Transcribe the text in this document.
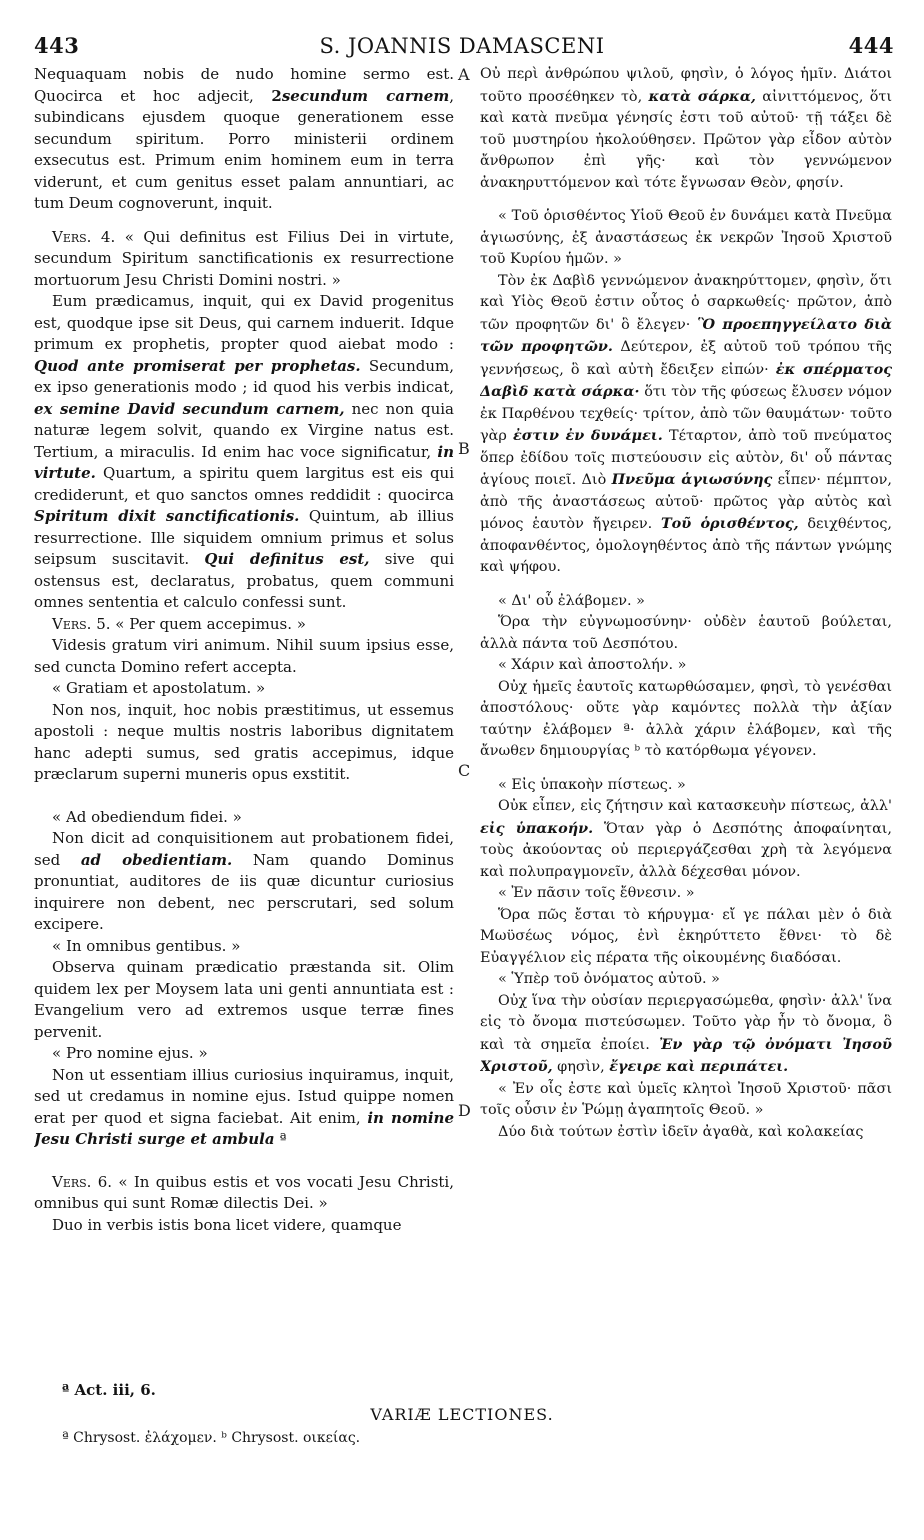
443	S. JOANNIS DAMASCENI	444

Nequaquam nobis de nudo homine sermo est. Quocirca et hoc adjecit, 2secundum carnem, subindicans ejusdem quoque generationem esse secundum spiritum. Porro ministerii ordinem exsecutus est. Primum enim hominem eum in terra viderunt, et cum genitus esset palam annuntiari, ac tum Deum cognoverunt, inquit.

Vers. 4. « Qui definitus est Filius Dei in virtute, secundum Spiritum sanctificationis ex resurrectione mortuorum Jesu Christi Domini nostri. »

Eum prædicamus, inquit, qui ex David progenitus est, quodque ipse sit Deus, qui carnem induerit. Idque primum ex prophetis, propter quod aiebat modo : Quod ante promiserat per prophetas. Secundum, ex ipso generationis modo ; id quod his verbis indicat, ex semine David secundum carnem, nec non quia naturæ legem solvit, quando ex Virgine natus est. Tertium, a miraculis. Id enim hac voce significatur, in virtute. Quartum, a spiritu quem largitus est eis qui crediderunt, et quo sanctos omnes reddidit : quocirca Spiritum dixit sanctificationis. Quintum, ab illius resurrectione. Ille siquidem omnium primus et solus seipsum suscitavit. Qui definitus est, sive qui ostensus est, declaratus, probatus, quem communi omnes sententia et calculo confessi sunt.

Vers. 5. « Per quem accepimus. »

Videsis gratum viri animum. Nihil suum ipsius esse, sed cuncta Domino refert accepta.

« Gratiam et apostolatum. »

Non nos, inquit, hoc nobis præstitimus, ut essemus apostoli : neque multis nostris laboribus dignitatem hanc adepti sumus, sed gratis accepimus, idque præclarum superni muneris opus exstitit.

« Ad obediendum fidei. »

Non dicit ad conquisitionem aut probationem fidei, sed ad obedientiam. Nam quando Dominus pronuntiat, auditores de iis quæ dicuntur curiosius inquirere non debent, nec perscrutari, sed solum excipere.

« In omnibus gentibus. »

Observa quinam prædicatio præstanda sit. Olim quidem lex per Moysem lata uni genti annuntiata est : Evangelium vero ad extremos usque terræ fines pervenit.

« Pro nomine ejus. »

Non ut essentiam illius curiosius inquiramus, inquit, sed ut credamus in nomine ejus. Istud quippe nomen erat per quod et signa faciebat. Ait enim, in nomine Jesu Christi surge et ambula ª

Vers. 6. « In quibus estis et vos vocati Jesu Christi, omnibus qui sunt Romæ dilectis Dei. »

Duo in verbis istis bona licet videre, quamque

Οὐ περὶ ἀνθρώπου ψιλοῦ, φησὶν, ὁ λόγος ἡμῖν. Διάτοι τοῦτο προσέθηκεν τὸ, κατὰ σάρκα, αἰνιττόμενος, ὅτι καὶ κατὰ πνεῦμα γένησίς ἐστι τοῦ αὐτοῦ· τῇ τάξει δὲ τοῦ μυστηρίου ἠκολούθησεν. Πρῶτον γὰρ εἶδον αὐτὸν ἄνθρωπον ἐπὶ γῆς· καὶ τὸν γεννώμενον ἀνακηρυττόμενον καὶ τότε ἔγνωσαν Θεὸν, φησίν.

« Τοῦ ὁρισθέντος Υἱοῦ Θεοῦ ἐν δυνάμει κατὰ Πνεῦμα ἁγιωσύνης, ἐξ ἀναστάσεως ἐκ νεκρῶν Ἰησοῦ Χριστοῦ τοῦ Κυρίου ἡμῶν. »

Τὸν ἐκ Δαβὶδ γεννώμενον ἀνακηρύττομεν, φησὶν, ὅτι καὶ Υἱὸς Θεοῦ ἐστιν οὗτος ὁ σαρκωθείς· πρῶτον, ἀπὸ τῶν προφητῶν δι' ὃ ἔλεγεν· Ὃ προεπηγγείλατο διὰ τῶν προφητῶν. Δεύτερον, ἐξ αὐτοῦ τοῦ τρόπου τῆς γεννήσεως, ὃ καὶ αὐτὴ ἔδειξεν εἰπών· ἐκ σπέρματος Δαβὶδ κατὰ σάρκα· ὅτι τὸν τῆς φύσεως ἔλυσεν νόμον ἐκ Παρθένου τεχθείς· τρίτον, ἀπὸ τῶν θαυμάτων· τοῦτο γὰρ ἐστιν ἐν δυνάμει. Τέταρτον, ἀπὸ τοῦ πνεύματος ὅπερ ἐδίδου τοῖς πιστεύουσιν εἰς αὐτὸν, δι' οὗ πάντας ἁγίους ποιεῖ. Διὸ Πνεῦμα ἁγιωσύνης εἶπεν· πέμπτον, ἀπὸ τῆς ἀναστάσεως αὐτοῦ· πρῶτος γὰρ αὐτὸς καὶ μόνος ἑαυτὸν ἤγειρεν. Τοῦ ὁρισθέντος, δειχθέντος, ἀποφανθέντος, ὁμολογηθέντος ἀπὸ τῆς πάντων γνώμης καὶ ψήφου.

« Δι' οὗ ἐλάβομεν. »

Ὅρα τὴν εὐγνωμοσύνην· οὐδὲν ἑαυτοῦ βούλεται, ἀλλὰ πάντα τοῦ Δεσπότου.

« Χάριν καὶ ἀποστολήν. »

Οὐχ ἡμεῖς ἑαυτοῖς κατωρθώσαμεν, φησὶ, τὸ γενέσθαι ἀποστόλους· οὔτε γὰρ καμόντες πολλὰ τὴν ἀξίαν ταύτην ἐλάβομεν ª· ἀλλὰ χάριν ἐλάβομεν, καὶ τῆς ἄνωθεν δημιουργίας ᵇ τὸ κατόρθωμα γέγονεν.

« Εἰς ὑπακοὴν πίστεως. »

Οὐκ εἶπεν, εἰς ζήτησιν καὶ κατασκευὴν πίστεως, ἀλλ' εἰς ὑπακοήν. Ὅταν γὰρ ὁ Δεσπότης ἀποφαίνηται, τοὺς ἀκούοντας οὐ περιεργάζεσθαι χρὴ τὰ λεγόμενα καὶ πολυπραγμονεῖν, ἀλλὰ δέχεσθαι μόνον.

« Ἐν πᾶσιν τοῖς ἔθνεσιν. »

Ὅρα πῶς ἔσται τὸ κήρυγμα· εἴ γε πάλαι μὲν ὁ διὰ Μωϋσέως νόμος, ἑνὶ ἐκηρύττετο ἔθνει· τὸ δὲ Εὐαγγέλιον εἰς πέρατα τῆς οἰκουμένης διαδόσαι.

« Ὑπὲρ τοῦ ὀνόματος αὐτοῦ. »

Οὐχ ἵνα τὴν οὐσίαν περιεργασώμεθα, φησὶν· ἀλλ' ἵνα εἰς τὸ ὄνομα πιστεύσωμεν. Τοῦτο γὰρ ἦν τὸ ὄνομα, ὃ καὶ τὰ σημεῖα ἐποίει. Ἐν γὰρ τῷ ὀνόματι Ἰησοῦ Χριστοῦ, φησὶν, ἔγειρε καὶ περιπάτει.

« Ἐν οἷς ἐστε καὶ ὑμεῖς κλητοὶ Ἰησοῦ Χριστοῦ· πᾶσι τοῖς οὖσιν ἐν Ῥώμῃ ἀγαπητοῖς Θεοῦ. »

Δύο διὰ τούτων ἐστὶν ἰδεῖν ἀγαθὰ, καὶ κολακείας

A
B
C
D
ª Act. iii, 6.
VARIÆ LECTIONES.
ª Chrysost. ἐλάχομεν. ᵇ Chrysost. οικείας.
